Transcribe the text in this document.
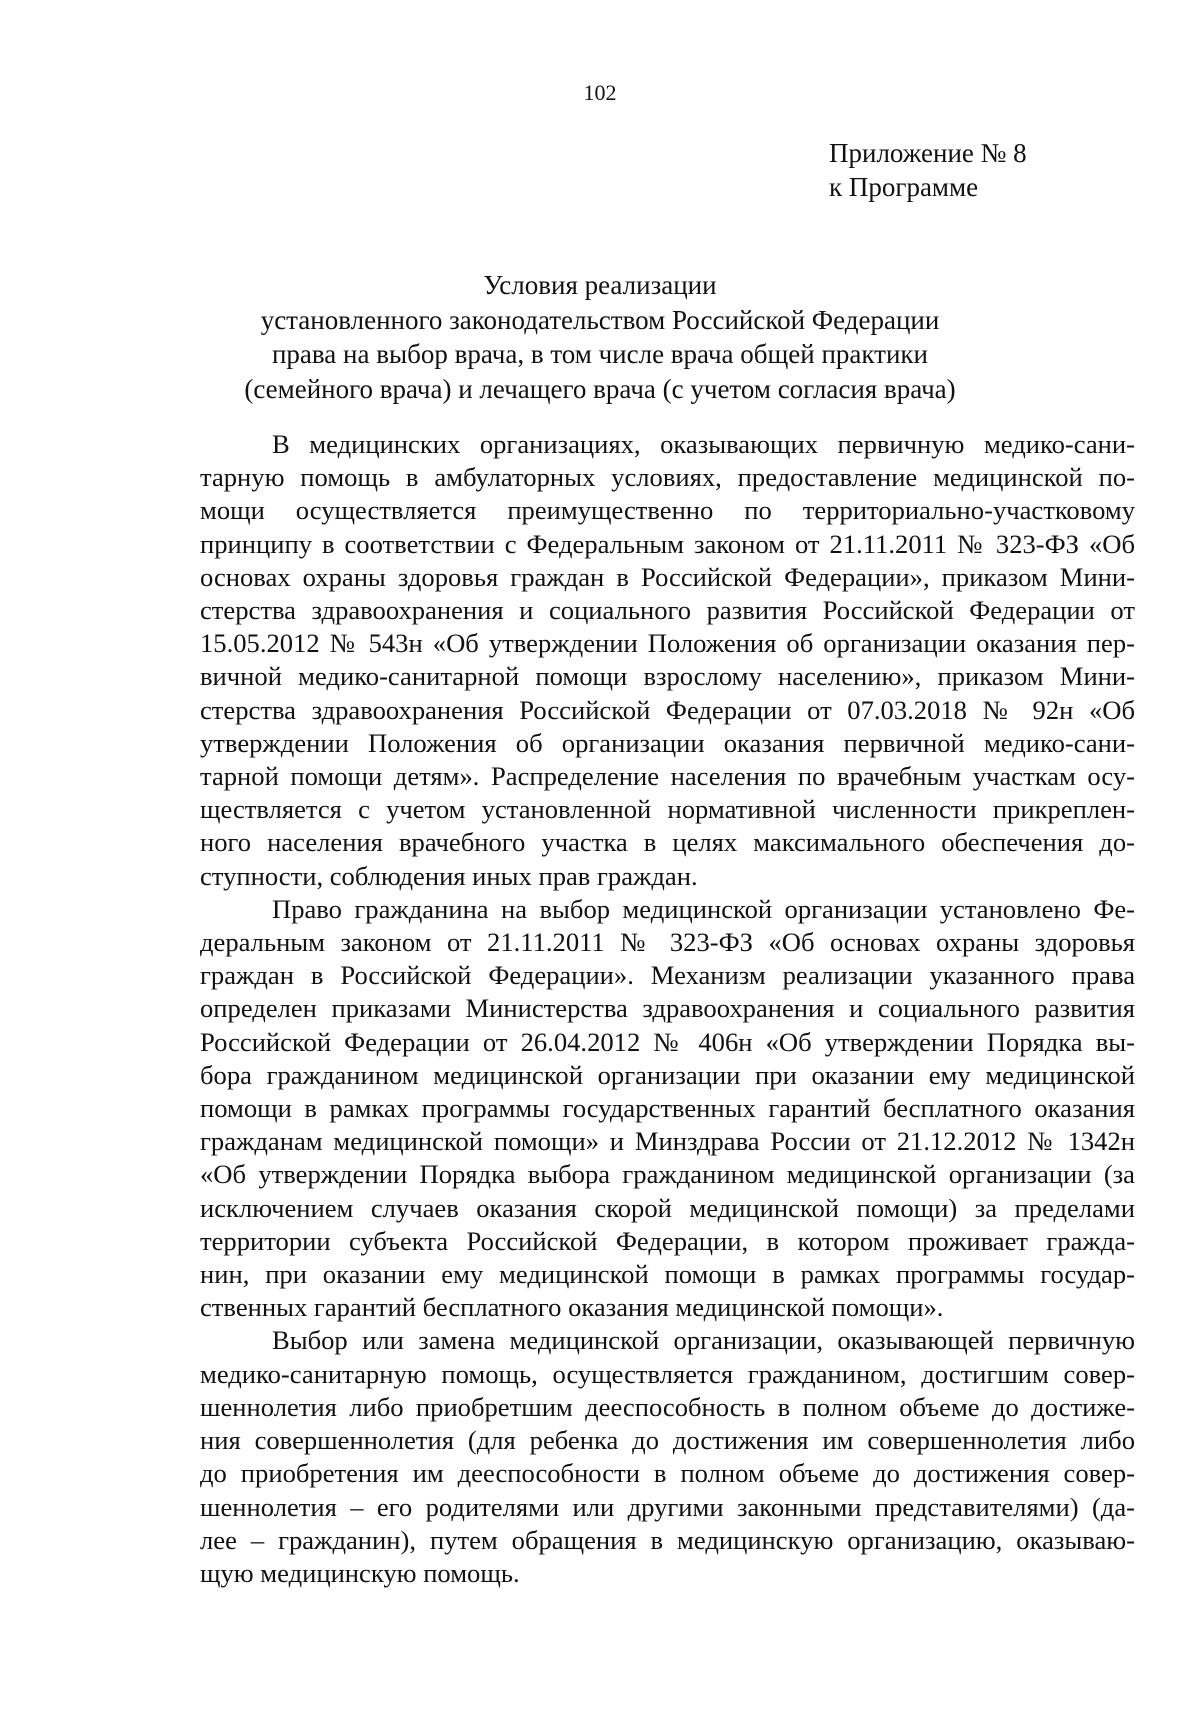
102
Приложение № 8
к Программе
Условия реализации
установленного законодательством Российской Федерации
права на выбор врача, в том числе врача общей практики
(семейного врача) и лечащего врача (с учетом согласия врача)
В медицинских организациях, оказывающих первичную медико-сани-
тарную помощь в амбулаторных условиях, предоставление медицинской по-
мощи осуществляется преимущественно по территориально-участковому
принципу в соответствии с Федеральным законом от 21.11.2011 № 323-ФЗ «Об
основах охраны здоровья граждан в Российской Федерации», приказом Мини-
стерства здравоохранения и социального развития Российской Федерации от
15.05.2012 № 543н «Об утверждении Положения об организации оказания пер-
вичной медико-санитарной помощи взрослому населению», приказом Мини-
стерства здравоохранения Российской Федерации от 07.03.2018 № 92н «Об
утверждении Положения об организации оказания первичной медико-сани-
тарной помощи детям». Распределение населения по врачебным участкам осу-
ществляется с учетом установленной нормативной численности прикреплен-
ного населения врачебного участка в целях максимального обеспечения до-
ступности, соблюдения иных прав граждан.
Право гражданина на выбор медицинской организации установлено Фе-
деральным законом от 21.11.2011 № 323-ФЗ «Об основах охраны здоровья
граждан в Российской Федерации». Механизм реализации указанного права
определен приказами Министерства здравоохранения и социального развития
Российской Федерации от 26.04.2012 № 406н «Об утверждении Порядка вы-
бора гражданином медицинской организации при оказании ему медицинской
помощи в рамках программы государственных гарантий бесплатного оказания
гражданам медицинской помощи» и Минздрава России от 21.12.2012 № 1342н
«Об утверждении Порядка выбора гражданином медицинской организации (за
исключением случаев оказания скорой медицинской помощи) за пределами
территории субъекта Российской Федерации, в котором проживает гражда-
нин, при оказании ему медицинской помощи в рамках программы государ-
ственных гарантий бесплатного оказания медицинской помощи».
Выбор или замена медицинской организации, оказывающей первичную
медико-санитарную помощь, осуществляется гражданином, достигшим совер-
шеннолетия либо приобретшим дееспособность в полном объеме до достиже-
ния совершеннолетия (для ребенка до достижения им совершеннолетия либо
до приобретения им дееспособности в полном объеме до достижения совер-
шеннолетия – его родителями или другими законными представителями) (да-
лее – гражданин), путем обращения в медицинскую организацию, оказываю-
щую медицинскую помощь.
